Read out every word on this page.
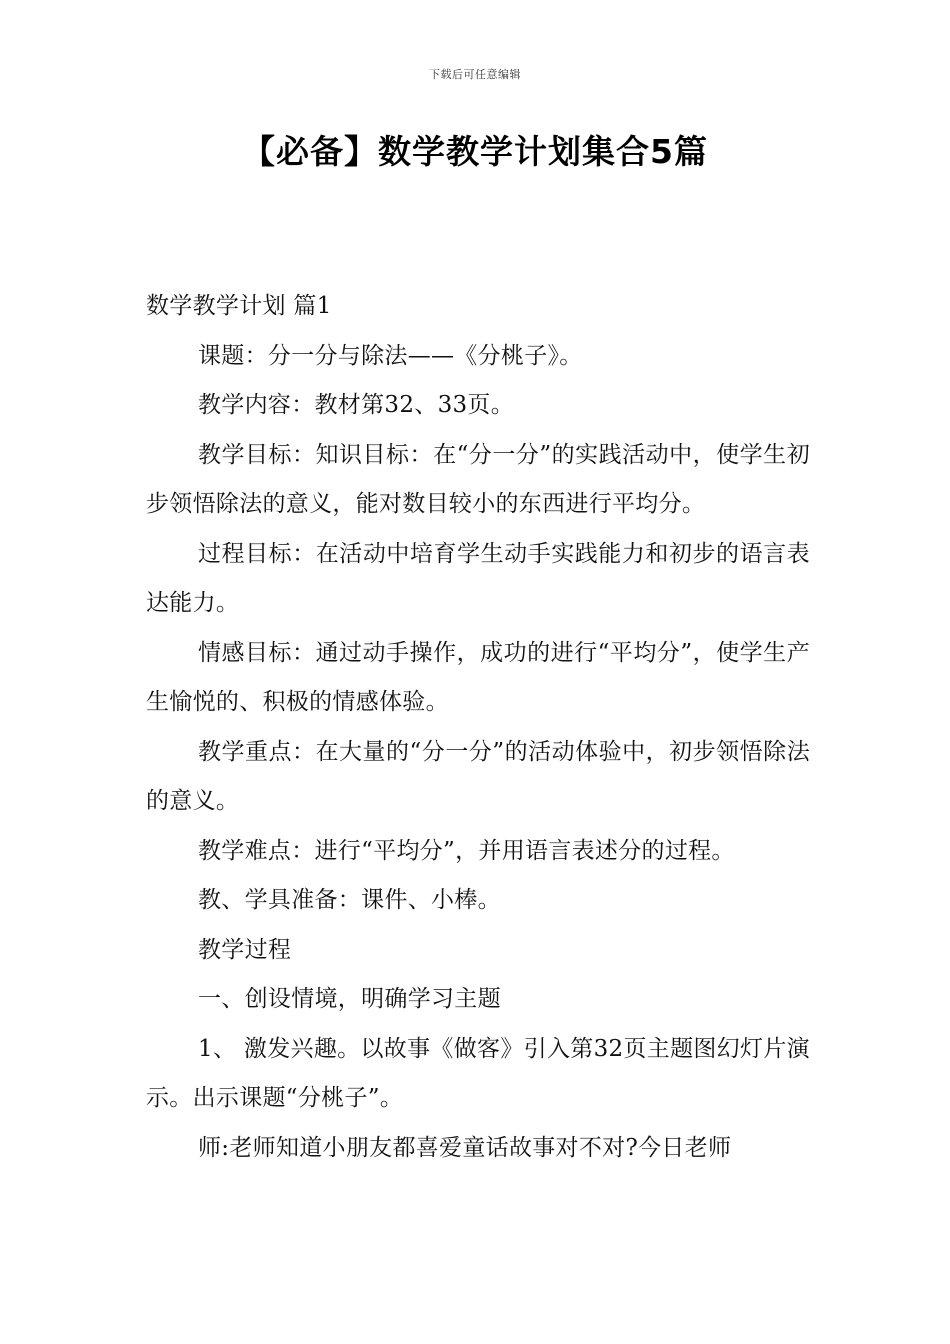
下载后可任意编辑
【必备】数学教学计划集合5篇

数学教学计划 篇1

课题：分一分与除法——《分桃子》。

教学内容：教材第32、33页。

教学目标：知识目标：在“分一分”的实践活动中，使学生初步领悟除法的意义，能对数目较小的东西进行平均分。

过程目标：在活动中培育学生动手实践能力和初步的语言表达能力。

情感目标：通过动手操作，成功的进行“平均分”，使学生产生愉悦的、积极的情感体验。

教学重点：在大量的“分一分”的活动体验中，初步领悟除法的意义。

教学难点：进行“平均分”，并用语言表述分的过程。

教、学具准备：课件、小棒。

教学过程

一、创设情境，明确学习主题

1、 激发兴趣。以故事《做客》引入第32页主题图幻灯片演示。出示课题“分桃子”。

师:老师知道小朋友都喜爱童话故事对不对?今日老师
